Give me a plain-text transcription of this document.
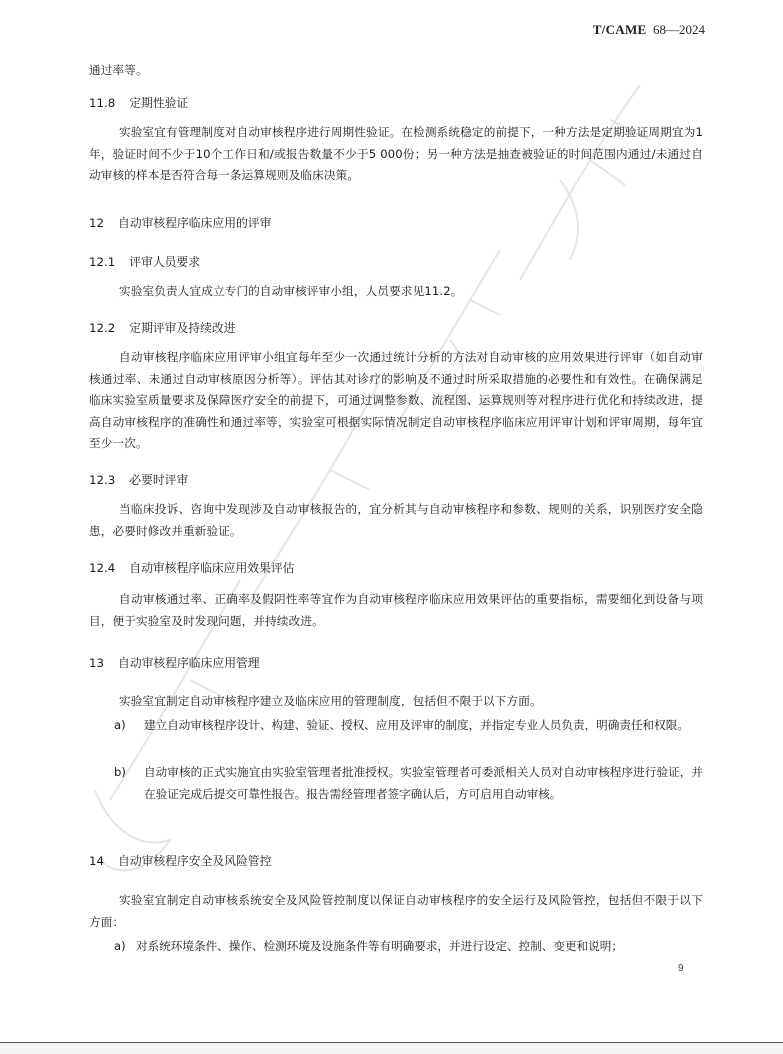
T/CAME 68—2024
通过率等。
11.8 定期性验证
实验室宜有管理制度对自动审核程序进行周期性验证。在检测系统稳定的前提下，一种方法是定期验证周期宜为1年，验证时间不少于10个工作日和/或报告数量不少于5 000份；另一种方法是抽查被验证的时间范围内通过/未通过自动审核的样本是否符合每一条运算规则及临床决策。
12 自动审核程序临床应用的评审
12.1 评审人员要求
实验室负责人宜成立专门的自动审核评审小组，人员要求见11.2。
12.2 定期评审及持续改进
自动审核程序临床应用评审小组宜每年至少一次通过统计分析的方法对自动审核的应用效果进行评审（如自动审核通过率、未通过自动审核原因分析等）。评估其对诊疗的影响及不通过时所采取措施的必要性和有效性。在确保满足临床实验室质量要求及保障医疗安全的前提下，可通过调整参数、流程图、运算规则等对程序进行优化和持续改进，提高自动审核程序的准确性和通过率等，实验室可根据实际情况制定自动审核程序临床应用评审计划和评审周期，每年宜至少一次。
12.3 必要时评审
当临床投诉、咨询中发现涉及自动审核报告的，宜分析其与自动审核程序和参数、规则的关系，识别医疗安全隐患，必要时修改并重新验证。
12.4 自动审核程序临床应用效果评估
自动审核通过率、正确率及假阴性率等宜作为自动审核程序临床应用效果评估的重要指标，需要细化到设备与项目，便于实验室及时发现问题，并持续改进。
13 自动审核程序临床应用管理
实验室宜制定自动审核程序建立及临床应用的管理制度，包括但不限于以下方面。
a) 建立自动审核程序设计、构建、验证、授权、应用及评审的制度，并指定专业人员负责，明确责任和权限。
b) 自动审核的正式实施宜由实验室管理者批准授权。实验室管理者可委派相关人员对自动审核程序进行验证，并在验证完成后提交可靠性报告。报告需经管理者签字确认后，方可启用自动审核。
14 自动审核程序安全及风险管控
实验室宜制定自动审核系统安全及风险管控制度以保证自动审核程序的安全运行及风险管控，包括但不限于以下方面：
a) 对系统环境条件、操作、检测环境及设施条件等有明确要求，并进行设定、控制、变更和说明；
9
